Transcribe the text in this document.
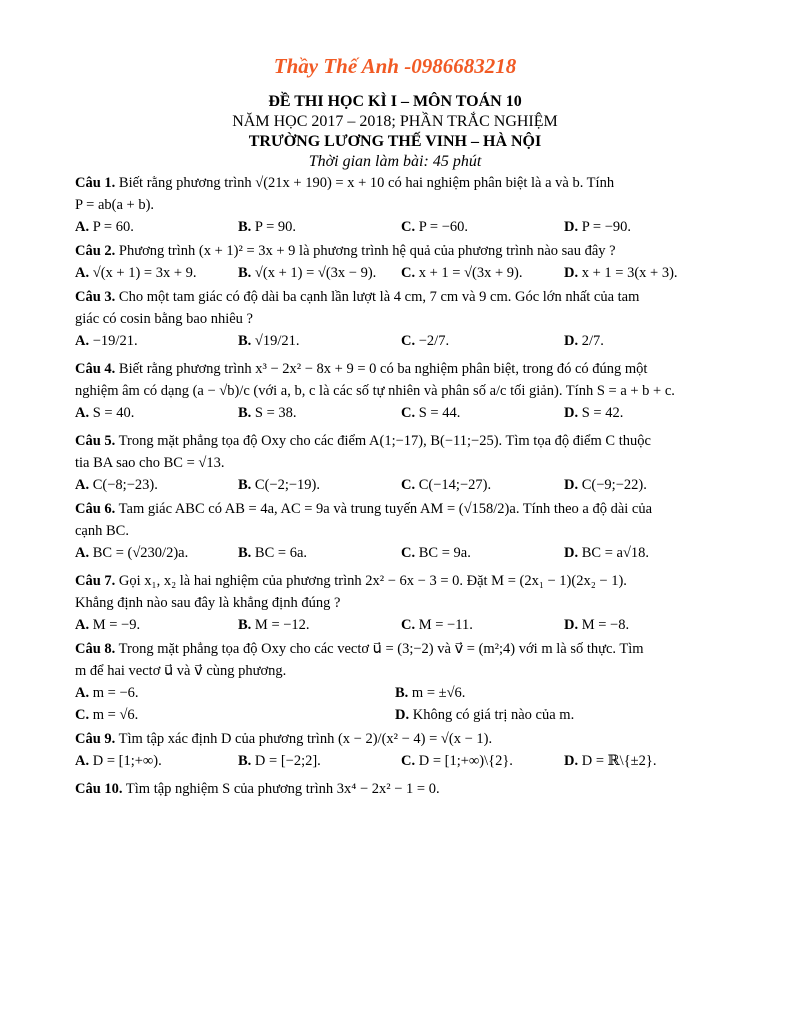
Thầy Thế Anh -0986683218
ĐỀ THI HỌC KÌ I – MÔN TOÁN 10
NĂM HỌC 2017 – 2018; PHẦN TRẮC NGHIỆM
TRƯỜNG LƯƠNG THẾ VINH – HÀ NỘI
Thời gian làm bài: 45 phút
Câu 1. Biết rằng phương trình √(21x + 190) = x + 10 có hai nghiệm phân biệt là a và b. Tính
P = ab(a + b).
A. P = 60.	B. P = 90.	C. P = −60.	D. P = −90.
Câu 2. Phương trình (x + 1)² = 3x + 9 là phương trình hệ quả của phương trình nào sau đây ?
A. √(x + 1) = 3x + 9.	B. √(x + 1) = √(3x − 9).	C. x + 1 = √(3x + 9).	D. x + 1 = 3(x + 3).
Câu 3. Cho một tam giác có độ dài ba cạnh lần lượt là 4 cm, 7 cm và 9 cm. Góc lớn nhất của tam
giác có cosin bằng bao nhiêu ?
A. −19/21.	B. √19/21.	C. −2/7.	D. 2/7.
Câu 4. Biết rằng phương trình x³ − 2x² − 8x + 9 = 0 có ba nghiệm phân biệt, trong đó có đúng một
nghiệm âm có dạng (a − √b)/c (với a, b, c là các số tự nhiên và phân số a/c tối giản). Tính S = a + b + c.
A. S = 40.	B. S = 38.	C. S = 44.	D. S = 42.
Câu 5. Trong mặt phẳng tọa độ Oxy cho các điểm A(1;−17), B(−11;−25). Tìm tọa độ điểm C thuộc
tia BA sao cho BC = √13.
A. C(−8;−23).	B. C(−2;−19).	C. C(−14;−27).	D. C(−9;−22).
Câu 6. Tam giác ABC có AB = 4a, AC = 9a và trung tuyến AM = (√158/2)a. Tính theo a độ dài của
cạnh BC.
A. BC = (√230/2)a.	B. BC = 6a.	C. BC = 9a.	D. BC = a√18.
Câu 7. Gọi x₁, x₂ là hai nghiệm của phương trình 2x² − 6x − 3 = 0. Đặt M = (2x₁ − 1)(2x₂ − 1).
Khẳng định nào sau đây là khẳng định đúng ?
A. M = −9.	B. M = −12.	C. M = −11.	D. M = −8.
Câu 8. Trong mặt phẳng tọa độ Oxy cho các vectơ u⃗ = (3;−2) và v⃗ = (m²;4) với m là số thực. Tìm
m để hai vectơ u⃗ và v⃗ cùng phương.
A. m = −6.	B. m = ±√6.
C. m = √6.	D. Không có giá trị nào của m.
Câu 9. Tìm tập xác định D của phương trình (x − 2)/(x² − 4) = √(x − 1).
A. D = [1;+∞).	B. D = [−2;2].	C. D = [1;+∞)\{2}.	D. D = ℝ\{±2}.
Câu 10. Tìm tập nghiệm S của phương trình 3x⁴ − 2x² − 1 = 0.
